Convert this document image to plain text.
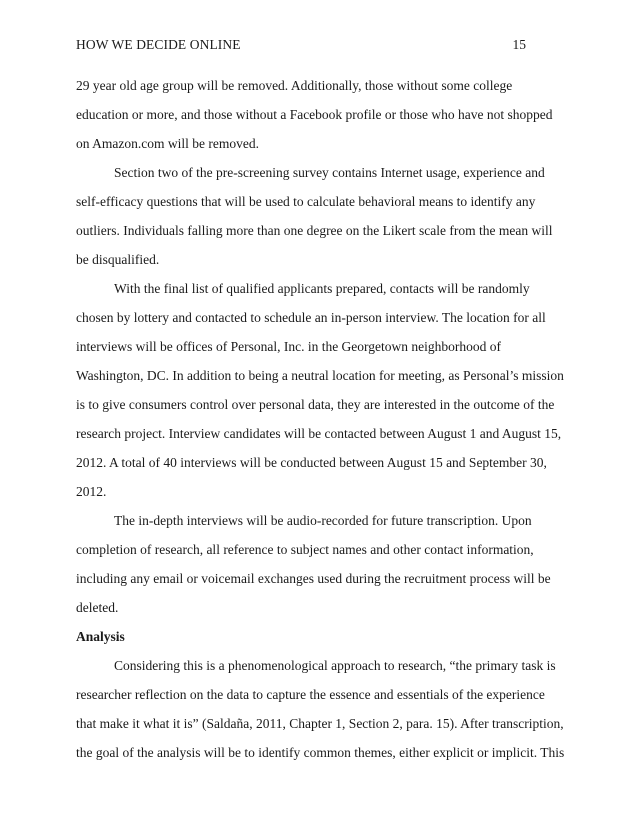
HOW WE DECIDE ONLINE	15

29 year old age group will be removed. Additionally, those without some college education or more, and those without a Facebook profile or those who have not shopped on Amazon.com will be removed.

Section two of the pre-screening survey contains Internet usage, experience and self-efficacy questions that will be used to calculate behavioral means to identify any outliers. Individuals falling more than one degree on the Likert scale from the mean will be disqualified.

With the final list of qualified applicants prepared, contacts will be randomly chosen by lottery and contacted to schedule an in-person interview. The location for all interviews will be offices of Personal, Inc. in the Georgetown neighborhood of Washington, DC. In addition to being a neutral location for meeting, as Personal’s mission is to give consumers control over personal data, they are interested in the outcome of the research project. Interview candidates will be contacted between August 1 and August 15, 2012. A total of 40 interviews will be conducted between August 15 and September 30, 2012.

The in-depth interviews will be audio-recorded for future transcription. Upon completion of research, all reference to subject names and other contact information, including any email or voicemail exchanges used during the recruitment process will be deleted.

Analysis

Considering this is a phenomenological approach to research, “the primary task is researcher reflection on the data to capture the essence and essentials of the experience that make it what it is” (Saldaña, 2011, Chapter 1, Section 2, para. 15). After transcription, the goal of the analysis will be to identify common themes, either explicit or implicit. This
